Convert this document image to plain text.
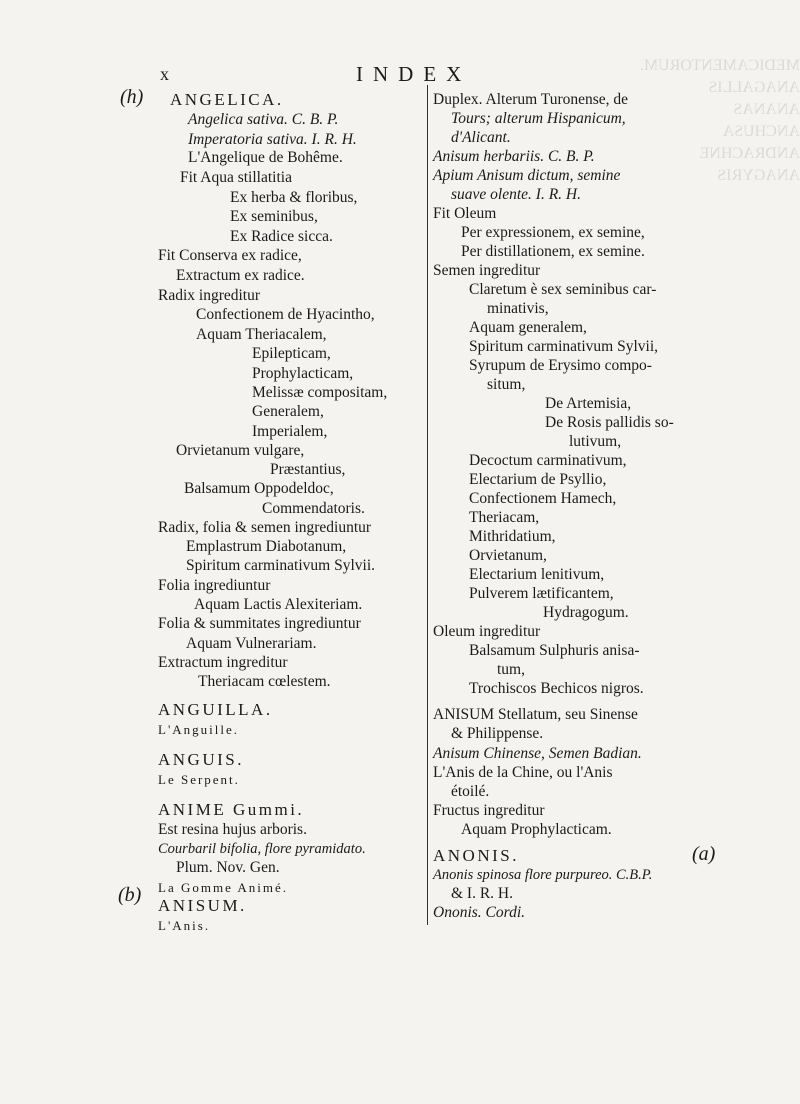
MEDICAMENTORUM.
ANAGALLIS
ANANAS
ANCHUSA
ANDRACHNE
ANAGYRIS
x	INDEX
(h)
(b)
(a)
ANGELICA.
Angelica sativa. C. B. P.
Imperatoria sativa. I. R. H.
L'Angelique de Bohême.
Fit Aqua stillatitia
Ex herba & floribus,
Ex seminibus,
Ex Radice sicca.
Fit Conserva ex radice,
Extractum ex radice.
Radix ingreditur
Confectionem de Hyacintho,
Aquam Theriacalem,
Epilepticam,
Prophylacticam,
Melissæ compositam,
Generalem,
Imperialem,
Orvietanum vulgare,
Præstantius,
Balsamum Oppodeldoc,
Commendatoris.
Radix, folia & semen ingrediuntur
Emplastrum Diabotanum,
Spiritum carminativum Sylvii.
Folia ingrediuntur
Aquam Lactis Alexiteriam.
Folia & summitates ingrediuntur
Aquam Vulnerariam.
Extractum ingreditur
Theriacam cœlestem.
ANGUILLA.
L'Anguille.
ANGUIS.
Le Serpent.
ANIME Gummi.
Est resina hujus arboris.
Courbaril bifolia, flore pyramidato.
Plum. Nov. Gen.
La Gomme Animé.
ANISUM.
L'Anis.
Duplex. Alterum Turonense, de
Tours; alterum Hispanicum,
d'Alicant.
Anisum herbariis. C. B. P.
Apium Anisum dictum, semine
suave olente. I. R. H.
Fit Oleum
Per expressionem, ex semine,
Per distillationem, ex semine.
Semen ingreditur
Claretum è sex seminibus car-
minativis,
Aquam generalem,
Spiritum carminativum Sylvii,
Syrupum de Erysimo compo-
situm,
De Artemisia,
De Rosis pallidis so-
lutivum,
Decoctum carminativum,
Electarium de Psyllio,
Confectionem Hamech,
Theriacam,
Mithridatium,
Orvietanum,
Electarium lenitivum,
Pulverem lætificantem,
Hydragogum.
Oleum ingreditur
Balsamum Sulphuris anisa-
tum,
Trochiscos Bechicos nigros.
ANISUM Stellatum, seu Sinense
& Philippense.
Anisum Chinense, Semen Badian.
L'Anis de la Chine, ou l'Anis
étoilé.
Fructus ingreditur
Aquam Prophylacticam.
ANONIS.
Anonis spinosa flore purpureo. C.B.P.
& I. R. H.
Ononis. Cordi.
